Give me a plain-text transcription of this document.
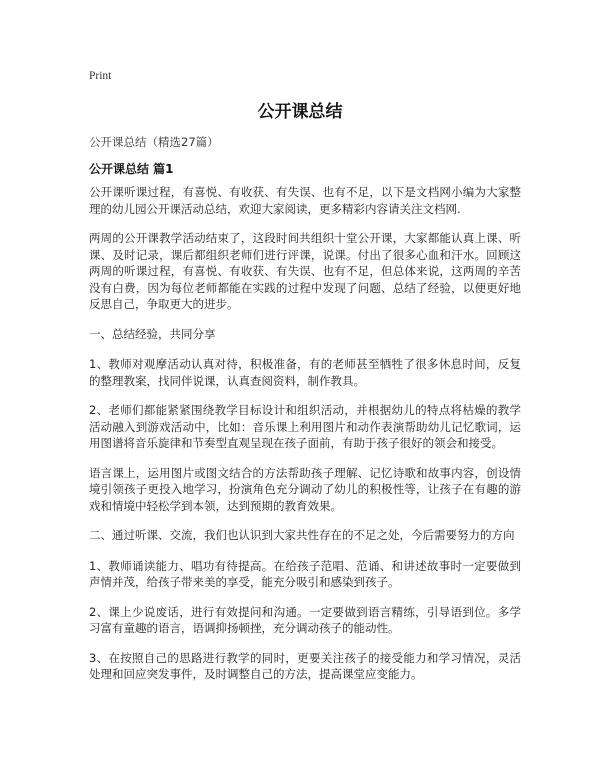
Print
公开课总结
公开课总结（精选27篇）
公开课总结 篇1

公开课听课过程，有喜悦、有收获、有失误、也有不足，以下是文档网小编为大家整理的幼儿园公开课活动总结，欢迎大家阅读，更多精彩内容请关注文档网.

两周的公开课教学活动结束了，这段时间共组织十堂公开课，大家都能认真上课、听课、及时记录，课后都组织老师们进行评课，说课。付出了很多心血和汗水。回顾这两周的听课过程，有喜悦、有收获、有失误、也有不足，但总体来说，这两周的辛苦没有白费，因为每位老师都能在实践的过程中发现了问题、总结了经验，以便更好地反思自己，争取更大的进步。

一、总结经验，共同分享

1、教师对观摩活动认真对待，积极准备，有的老师甚至牺牲了很多休息时间，反复的整理教案，找同伴说课，认真查阅资料，制作教具。

2、老师们都能紧紧围绕教学目标设计和组织活动，并根据幼儿的特点将枯燥的教学活动融入到游戏活动中，比如：音乐课上利用图片和动作表演帮助幼儿记忆歌词，运用图谱将音乐旋律和节奏型直观呈现在孩子面前，有助于孩子很好的领会和接受。

语言课上，运用图片或图文结合的方法帮助孩子理解、记忆诗歌和故事内容，创设情境引领孩子更投入地学习，扮演角色充分调动了幼儿的积极性等，让孩子在有趣的游戏和情境中轻松学到本领，达到预期的教育效果。

二、通过听课、交流，我们也认识到大家共性存在的不足之处，今后需要努力的方向

1、教师诵读能力、唱功有待提高。在给孩子范唱、范诵、和讲述故事时一定要做到声情并茂，给孩子带来美的享受，能充分吸引和感染到孩子。

2、课上少说废话，进行有效提问和沟通。一定要做到语言精练，引导语到位。多学习富有童趣的语言，语调抑扬顿挫，充分调动孩子的能动性。

3、在按照自己的思路进行教学的同时，更要关注孩子的接受能力和学习情况，灵活处理和回应突发事件，及时调整自己的方法，提高课堂应变能力。
